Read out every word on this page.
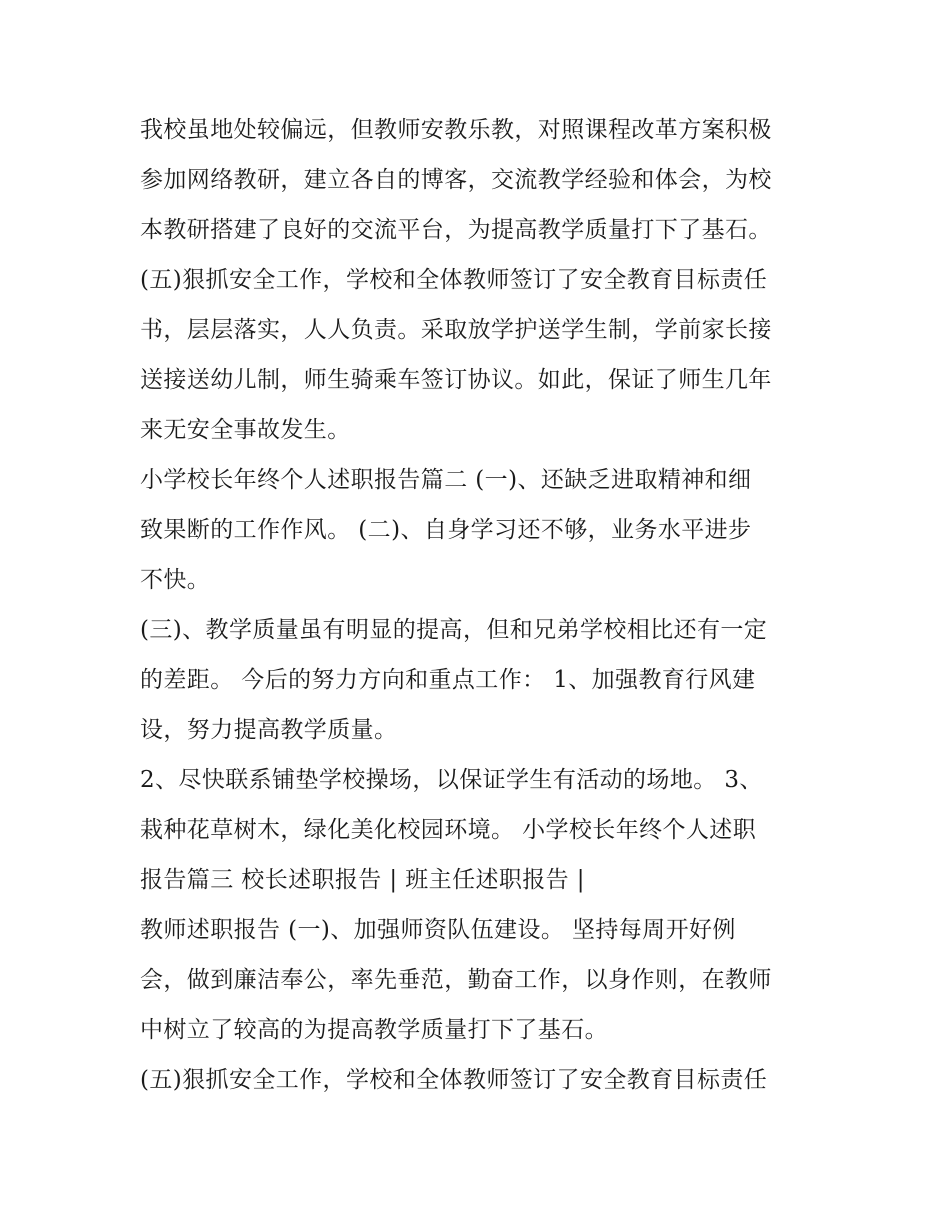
我校虽地处较偏远，但教师安教乐教，对照课程改革方案积极
参加网络教研，建立各自的博客，交流教学经验和体会，为校
本教研搭建了良好的交流平台，为提高教学质量打下了基石。
(五)狠抓安全工作，学校和全体教师签订了安全教育目标责任
书，层层落实，人人负责。采取放学护送学生制，学前家长接
送接送幼儿制，师生骑乘车签订协议。如此，保证了师生几年
来无安全事故发生。
小学校长年终个人述职报告篇二 (一)、还缺乏进取精神和细
致果断的工作作风。 (二)、自身学习还不够，业务水平进步
不快。
(三)、教学质量虽有明显的提高，但和兄弟学校相比还有一定
的差距。 今后的努力方向和重点工作： 1、加强教育行风建
设，努力提高教学质量。
2、尽快联系铺垫学校操场，以保证学生有活动的场地。 3、
栽种花草树木，绿化美化校园环境。 小学校长年终个人述职
报告篇三 校长述职报告 | 班主任述职报告 |
教师述职报告 (一)、加强师资队伍建设。 坚持每周开好例
会，做到廉洁奉公，率先垂范，勤奋工作，以身作则，在教师
中树立了较高的为提高教学质量打下了基石。
(五)狠抓安全工作，学校和全体教师签订了安全教育目标责任
